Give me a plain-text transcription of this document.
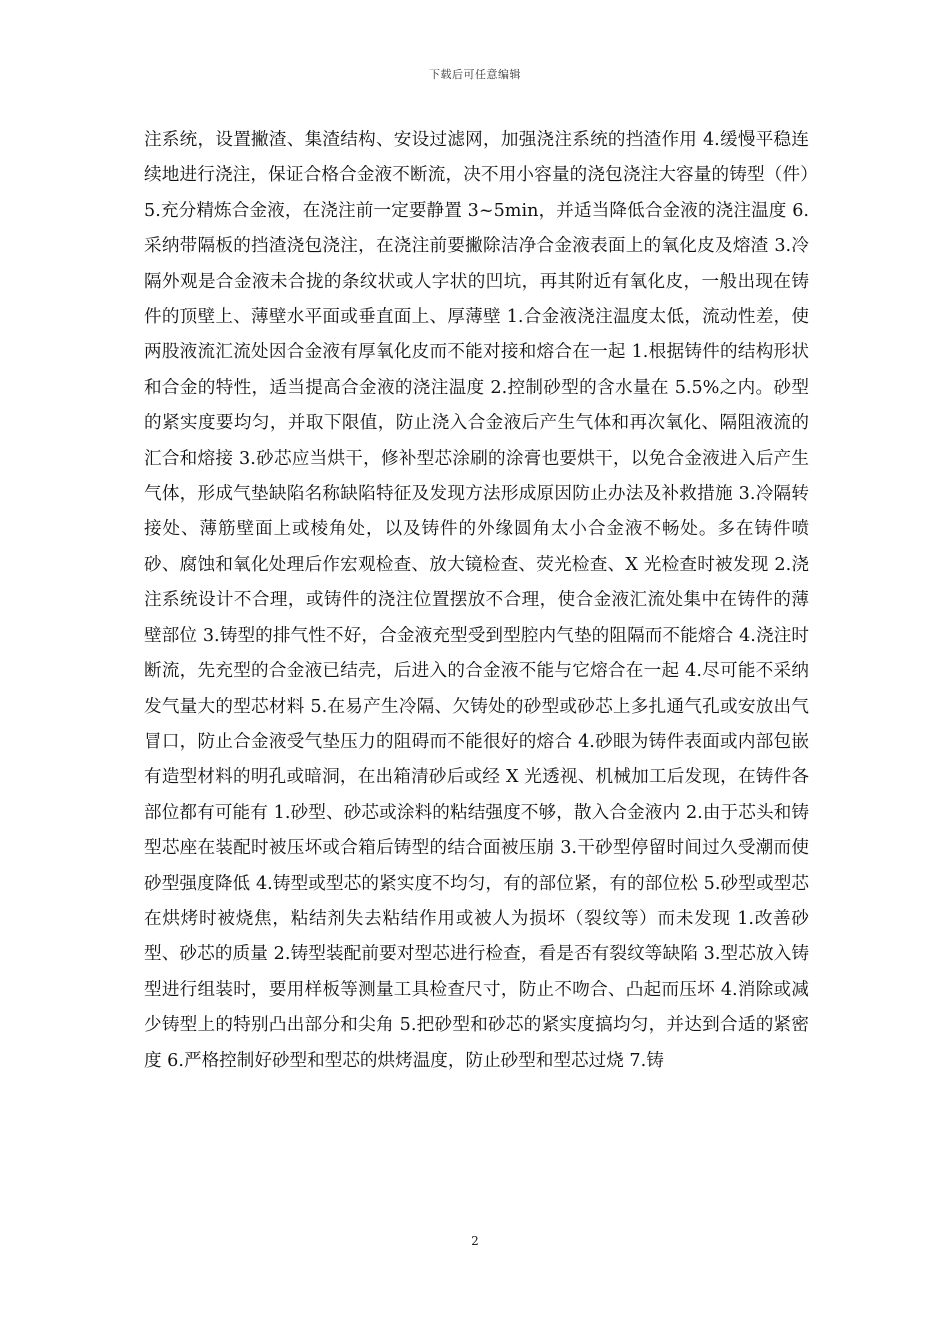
下载后可任意编辑

注系统，设置撇渣、集渣结构、安设过滤网，加强浇注系统的挡渣作用 4.缓慢平稳连续地进行浇注，保证合格合金液不断流，决不用小容量的浇包浇注大容量的铸型（件）5.充分精炼合金液，在浇注前一定要静置 3~5min，并适当降低合金液的浇注温度 6.采纳带隔板的挡渣浇包浇注，在浇注前要撇除洁净合金液表面上的氧化皮及熔渣 3.冷隔外观是合金液未合拢的条纹状或人字状的凹坑，再其附近有氧化皮，一般出现在铸件的顶壁上、薄壁水平面或垂直面上、厚薄壁 1.合金液浇注温度太低，流动性差，使两股液流汇流处因合金液有厚氧化皮而不能对接和熔合在一起 1.根据铸件的结构形状和合金的特性，适当提高合金液的浇注温度 2.控制砂型的含水量在 5.5%之内。砂型的紧实度要均匀，并取下限值，防止浇入合金液后产生气体和再次氧化、隔阻液流的汇合和熔接 3.砂芯应当烘干，修补型芯涂刷的涂膏也要烘干，以免合金液进入后产生气体，形成气垫缺陷名称缺陷特征及发现方法形成原因防止办法及补救措施 3.冷隔转接处、薄筋壁面上或棱角处，以及铸件的外缘圆角太小合金液不畅处。多在铸件喷砂、腐蚀和氧化处理后作宏观检查、放大镜检查、荧光检查、X 光检查时被发现 2.浇注系统设计不合理，或铸件的浇注位置摆放不合理，使合金液汇流处集中在铸件的薄壁部位 3.铸型的排气性不好，合金液充型受到型腔内气垫的阻隔而不能熔合 4.浇注时断流，先充型的合金液已结壳，后进入的合金液不能与它熔合在一起 4.尽可能不采纳发气量大的型芯材料 5.在易产生冷隔、欠铸处的砂型或砂芯上多扎通气孔或安放出气冒口，防止合金液受气垫压力的阻碍而不能很好的熔合 4.砂眼为铸件表面或内部包嵌有造型材料的明孔或暗洞，在出箱清砂后或经 X 光透视、机械加工后发现，在铸件各部位都有可能有 1.砂型、砂芯或涂料的粘结强度不够，散入合金液内 2.由于芯头和铸型芯座在装配时被压坏或合箱后铸型的结合面被压崩 3.干砂型停留时间过久受潮而使砂型强度降低 4.铸型或型芯的紧实度不均匀，有的部位紧，有的部位松 5.砂型或型芯在烘烤时被烧焦，粘结剂失去粘结作用或被人为损坏（裂纹等）而未发现 1.改善砂型、砂芯的质量 2.铸型装配前要对型芯进行检查，看是否有裂纹等缺陷 3.型芯放入铸型进行组装时，要用样板等测量工具检查尺寸，防止不吻合、凸起而压坏 4.消除或减少铸型上的特别凸出部分和尖角 5.把砂型和砂芯的紧实度搞均匀，并达到合适的紧密度 6.严格控制好砂型和型芯的烘烤温度，防止砂型和型芯过烧 7.铸

2
